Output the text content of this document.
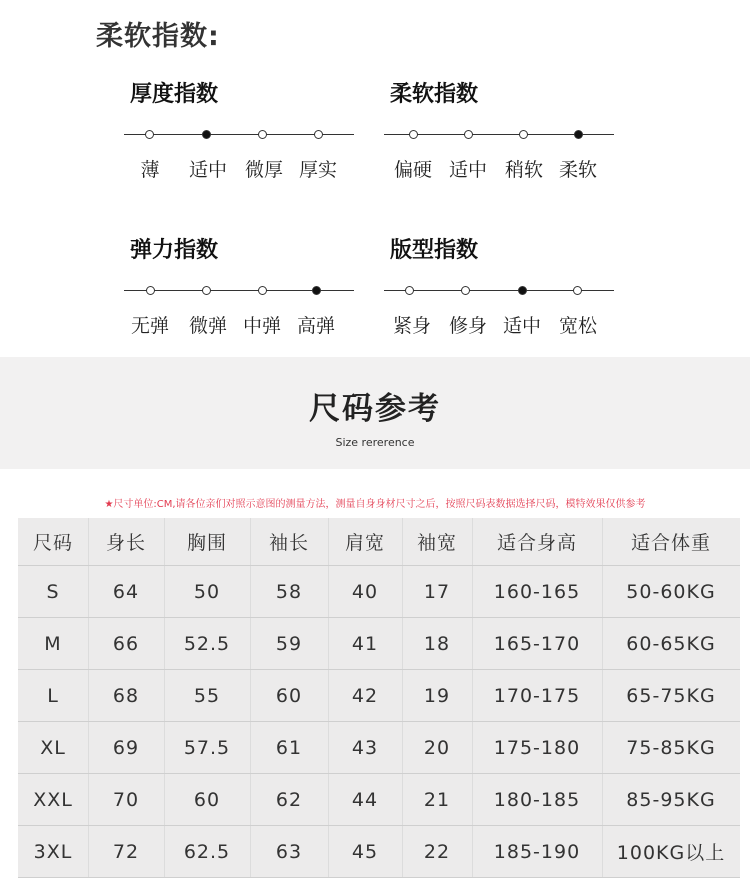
柔软指数:
厚度指数
薄 适中 微厚 厚实
柔软指数
偏硬 适中 稍软 柔软
弹力指数
无弹 微弹 中弹 高弹
版型指数
紧身 修身 适中 宽松
尺码参考
Size rererence
★尺寸单位:CM,请各位亲们对照示意图的测量方法，测量自身身材尺寸之后，按照尺码表数据选择尺码，模特效果仅供参考
尺码	身长	胸围	袖长	肩宽	袖宽	适合身高	适合体重
S	64	50	58	40	17	160-165	50-60KG
M	66	52.5	59	41	18	165-170	60-65KG
L	68	55	60	42	19	170-175	65-75KG
XL	69	57.5	61	43	20	175-180	75-85KG
XXL	70	60	62	44	21	180-185	85-95KG
3XL	72	62.5	63	45	22	185-190	100KG以上
